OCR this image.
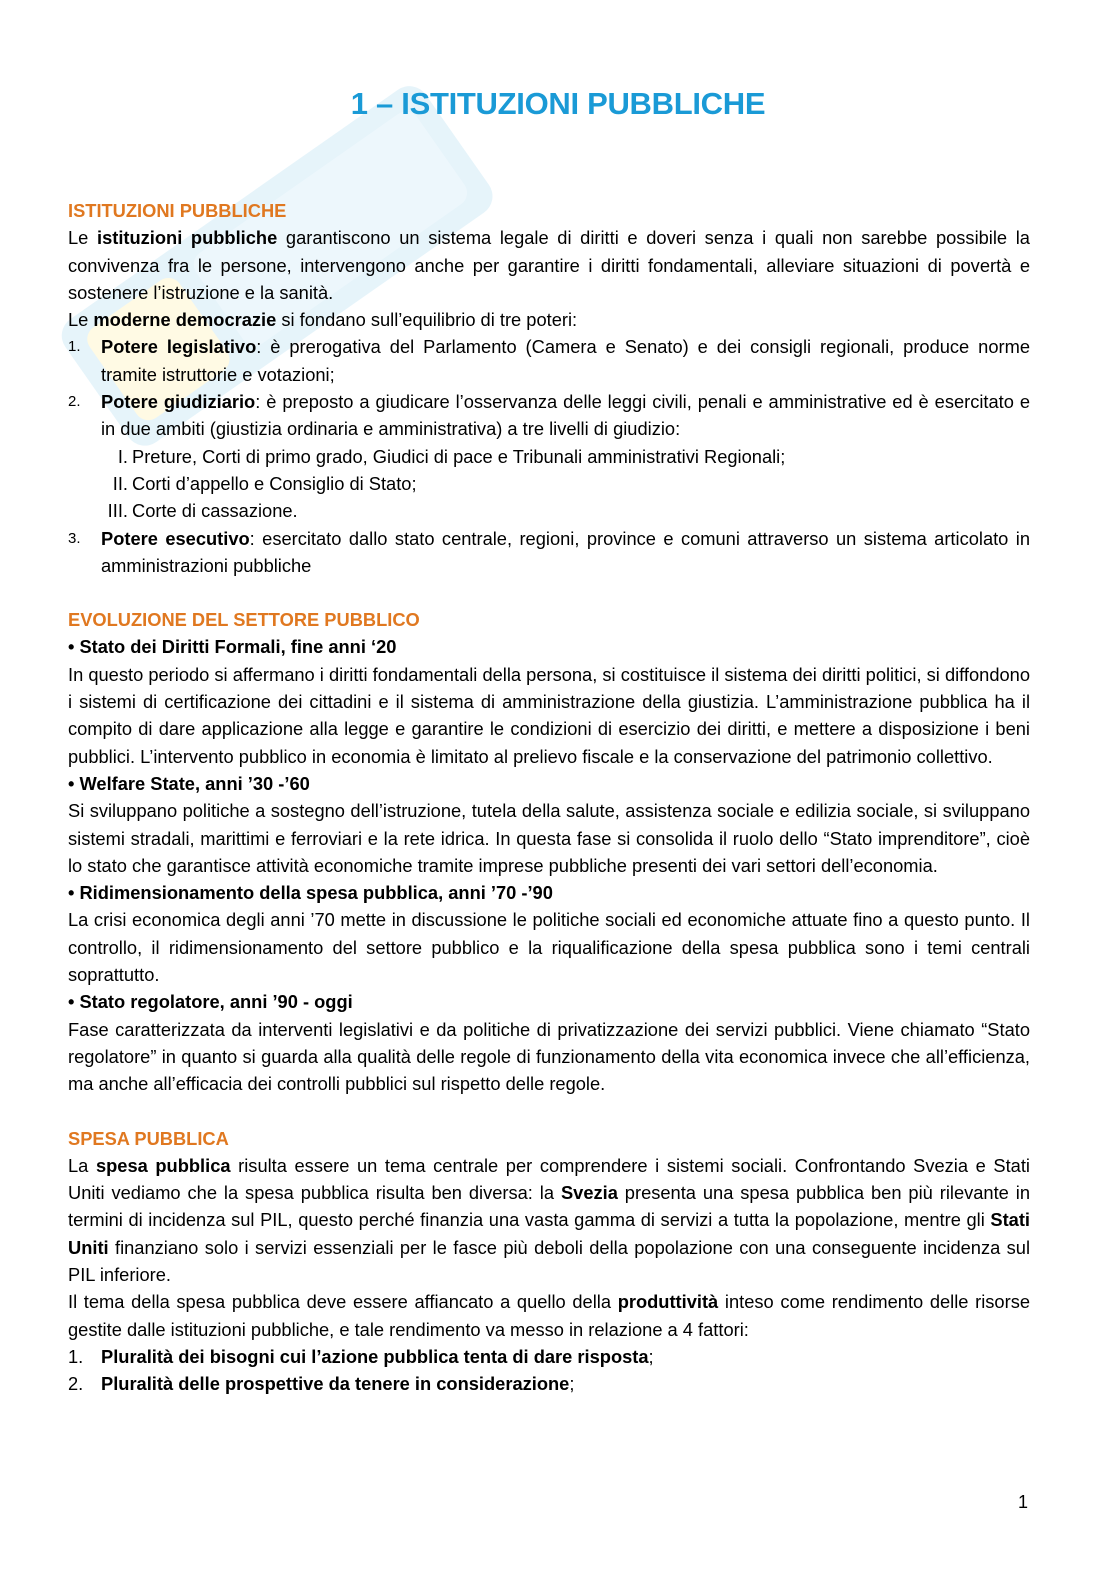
1 – ISTITUZIONI PUBBLICHE
ISTITUZIONI PUBBLICHE

Le istituzioni pubbliche garantiscono un sistema legale di diritti e doveri senza i quali non sarebbe possibile la convivenza fra le persone, intervengono anche per garantire i diritti fondamentali, alleviare situazioni di povertà e sostenere l’istruzione e la sanità.

Le moderne democrazie si fondano sull’equilibrio di tre poteri:

1. Potere legislativo: è prerogativa del Parlamento (Camera e Senato) e dei consigli regionali, produce norme tramite istruttorie e votazioni;
2. Potere giudiziario: è preposto a giudicare l’osservanza delle leggi civili, penali e amministrative ed è esercitato e in due ambiti (giustizia ordinaria e amministrativa) a tre livelli di giudizio:
I. Preture, Corti di primo grado, Giudici di pace e Tribunali amministrativi Regionali;
II. Corti d’appello e Consiglio di Stato;
III. Corte di cassazione.
3. Potere esecutivo: esercitato dallo stato centrale, regioni, province e comuni attraverso un sistema articolato in amministrazioni pubbliche
EVOLUZIONE DEL SETTORE PUBBLICO

• Stato dei Diritti Formali, fine anni ‘20

In questo periodo si affermano i diritti fondamentali della persona, si costituisce il sistema dei diritti politici, si diffondono i sistemi di certificazione dei cittadini e il sistema di amministrazione della giustizia. L’amministrazione pubblica ha il compito di dare applicazione alla legge e garantire le condizioni di esercizio dei diritti, e mettere a disposizione i beni pubblici. L’intervento pubblico in economia è limitato al prelievo fiscale e la conservazione del patrimonio collettivo.

• Welfare State, anni ’30 -’60

Si sviluppano politiche a sostegno dell’istruzione, tutela della salute, assistenza sociale e edilizia sociale, si sviluppano sistemi stradali, marittimi e ferroviari e la rete idrica. In questa fase si consolida il ruolo dello “Stato imprenditore”, cioè lo stato che garantisce attività economiche tramite imprese pubbliche presenti dei vari settori dell’economia.

• Ridimensionamento della spesa pubblica, anni ’70 -’90

La crisi economica degli anni ’70 mette in discussione le politiche sociali ed economiche attuate fino a questo punto. Il controllo, il ridimensionamento del settore pubblico e la riqualificazione della spesa pubblica sono i temi centrali soprattutto.

• Stato regolatore, anni ’90 - oggi

Fase caratterizzata da interventi legislativi e da politiche di privatizzazione dei servizi pubblici. Viene chiamato “Stato regolatore” in quanto si guarda alla qualità delle regole di funzionamento della vita economica invece che all’efficienza, ma anche all’efficacia dei controlli pubblici sul rispetto delle regole.

SPESA PUBBLICA

La spesa pubblica risulta essere un tema centrale per comprendere i sistemi sociali. Confrontando Svezia e Stati Uniti vediamo che la spesa pubblica risulta ben diversa: la Svezia presenta una spesa pubblica ben più rilevante in termini di incidenza sul PIL, questo perché finanzia una vasta gamma di servizi a tutta la popolazione, mentre gli Stati Uniti finanziano solo i servizi essenziali per le fasce più deboli della popolazione con una conseguente incidenza sul PIL inferiore.

Il tema della spesa pubblica deve essere affiancato a quello della produttività inteso come rendimento delle risorse gestite dalle istituzioni pubbliche, e tale rendimento va messo in relazione a 4 fattori:

1. Pluralità dei bisogni cui l’azione pubblica tenta di dare risposta;
2. Pluralità delle prospettive da tenere in considerazione;
1
